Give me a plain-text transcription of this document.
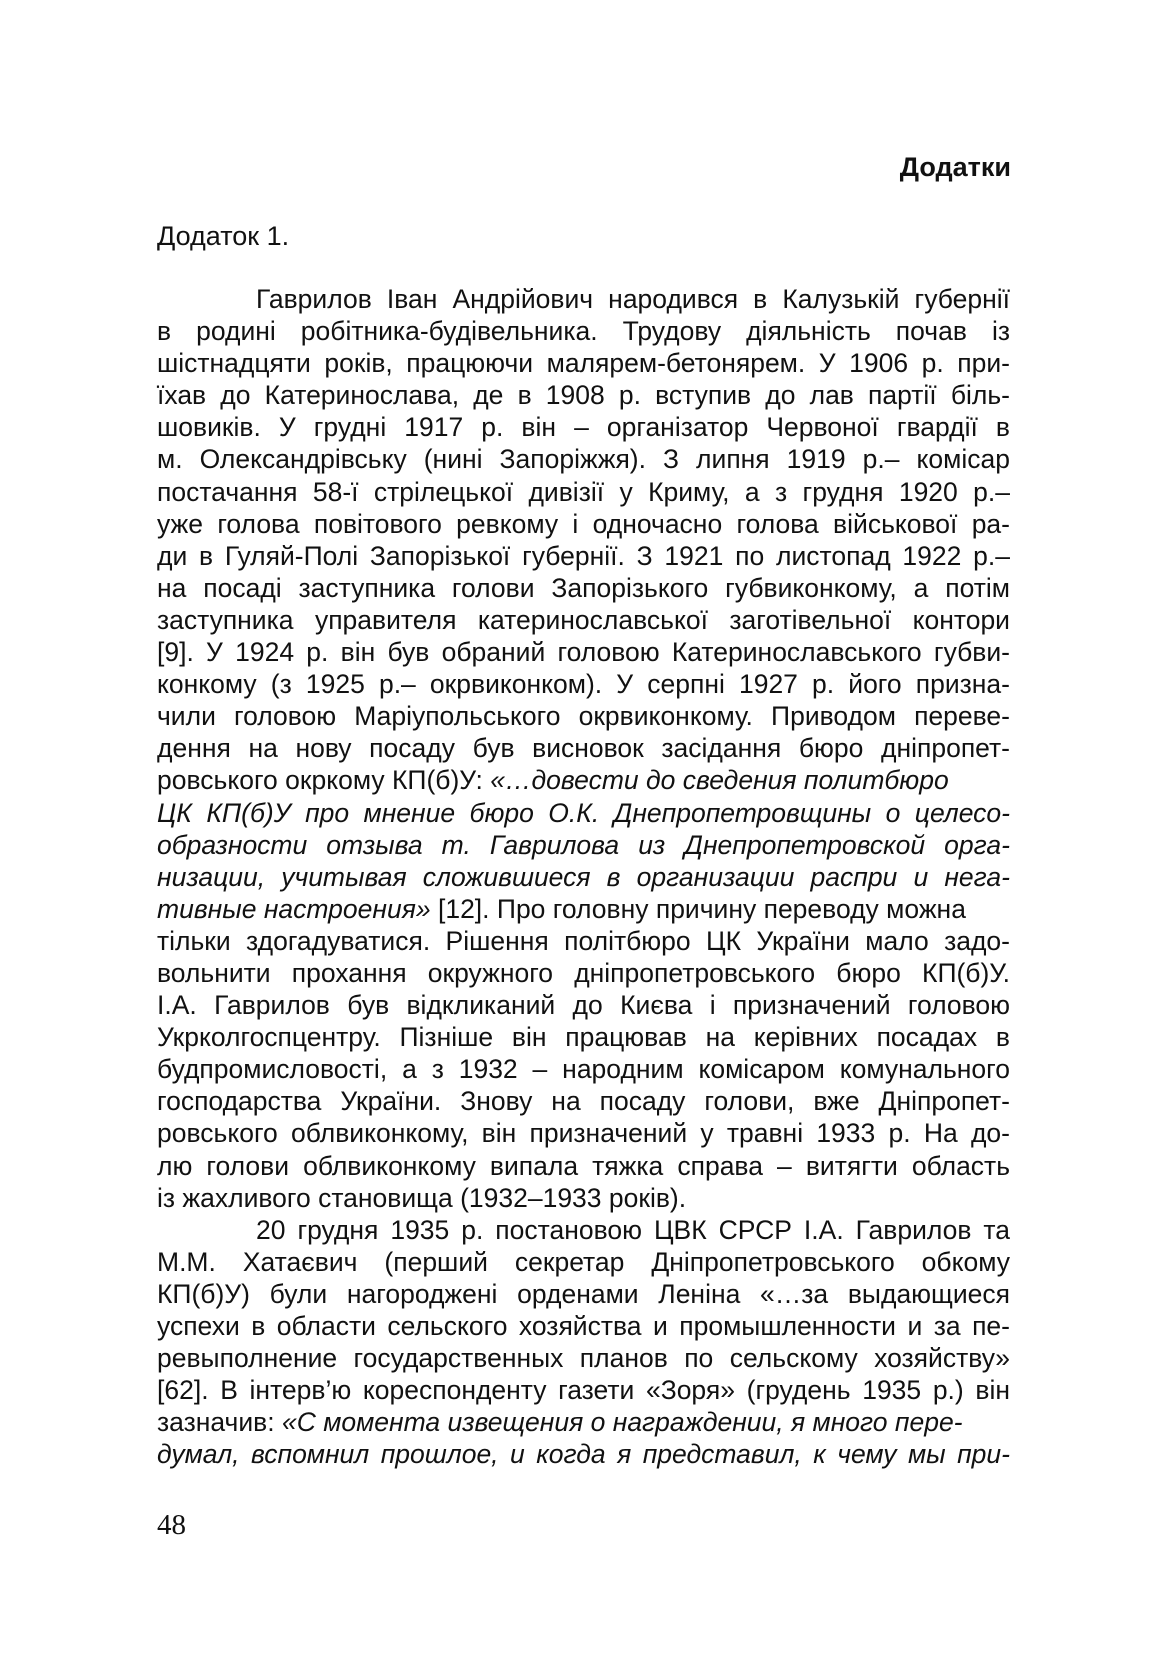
Додатки

Додаток 1.

Гаврилов Іван Андрійович народився в Калузькій губернії
в родині робітника-будівельника. Трудову діяльність почав із
шістнадцяти років, працюючи малярем-бетонярем. У 1906 р. при-
їхав до Катеринослава, де в 1908 р. вступив до лав партії біль-
шовиків. У грудні 1917 р. він – організатор Червоної гвардії в
м. Олександрівську (нині Запоріжжя). З липня 1919 р.– комісар
постачання 58-ї стрілецької дивізії у Криму, а з грудня 1920 р.–
уже голова повітового ревкому і одночасно голова військової ра-
ди в Гуляй-Полі Запорізької губернії. З 1921 по листопад 1922 р.–
на посаді заступника голови Запорізького губвиконкому, а потім
заступника управителя катеринославської заготівельної контори
[9]. У 1924 р. він був обраний головою Катеринославського губви-
конкому (з 1925 р.– окрвиконком). У серпні 1927 р. його призна-
чили головою Маріупольського окрвиконкому. Приводом переве-
дення на нову посаду був висновок засідання бюро дніпропет-
ровського окркому КП(б)У: «…довести до сведения политбюро
ЦК КП(б)У про мнение бюро О.К. Днепропетровщины о целесо-
образности отзыва т. Гаврилова из Днепропетровской орга-
низации, учитывая сложившиеся в организации распри и нега-
тивные настроения» [12]. Про головну причину переводу можна
тільки здогадуватися. Рішення політбюро ЦК України мало задо-
вольнити прохання окружного дніпропетровського бюро КП(б)У.
І.А. Гаврилов був відкликаний до Києва і призначений головою
Укрколгоспцентру. Пізніше він працював на керівних посадах в
будпромисловості, а з 1932 – народним комісаром комунального
господарства України. Знову на посаду голови, вже Дніпропет-
ровського облвиконкому, він призначений у травні 1933 р. На до-
лю голови облвиконкому випала тяжка справа – витягти область
із жахливого становища (1932–1933 років).
20 грудня 1935 р. постановою ЦВК СРСР І.А. Гаврилов та
М.М. Хатаєвич (перший секретар Дніпропетровського обкому
КП(б)У) були нагороджені орденами Леніна «…за выдающиеся
успехи в области сельского хозяйства и промышленности и за пе-
ревыполнение государственных планов по сельскому хозяйству»
[62]. В інтерв’ю кореспонденту газети «Зоря» (грудень 1935 р.) він
зазначив: «С момента извещения о награждении, я много пере-
думал, вспомнил прошлое, и когда я представил, к чему мы при-

48
